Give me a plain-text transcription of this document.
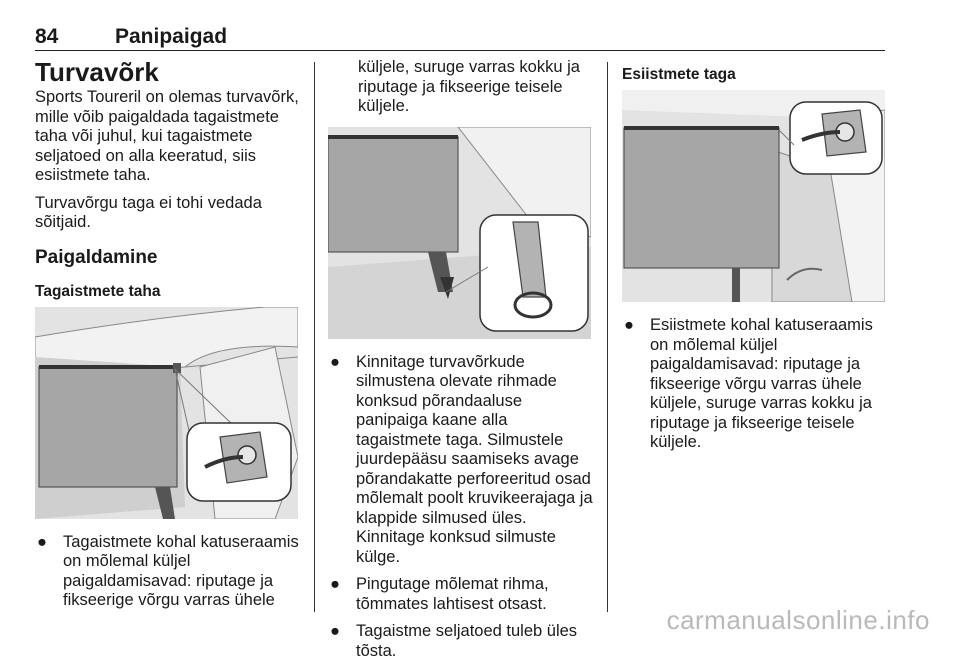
84	Panipaigad
Turvavõrk

Sports Toureril on olemas turvavõrk, mille võib paigaldada tagaistmete taha või juhul, kui tagaistmete seljatoed on alla keeratud, siis esiistmete taha.

Turvavõrgu taga ei tohi vedada sõitjaid.

Paigaldamine
Tagaistmete taha
● Tagaistmete kohal katuseraamis on mõlemal küljel paigaldamisavad: riputage ja fikseerige võrgu varras ühele

küljele, suruge varras kokku ja riputage ja fikseerige teisele küljele.

● Kinnitage turvavõrkude silmustena olevate rihmade konksud põrandaaluse panipaiga kaane alla tagaistmete taga. Silmustele juurdepääsu saamiseks avage põrandakatte perforeeritud osad mõlemalt poolt kruvikeerajaga ja klappide silmused üles. Kinnitage konksud silmuste külge.
● Pingutage mõlemat rihma, tõmmates lahtisest otsast.
● Tagaistme seljatoed tuleb üles tõsta.
Esiistmete taga
● Esiistmete kohal katuseraamis on mõlemal küljel paigaldamisavad: riputage ja fikseerige võrgu varras ühele küljele, suruge varras kokku ja riputage ja fikseerige teisele küljele.
carmanualsonline.info
